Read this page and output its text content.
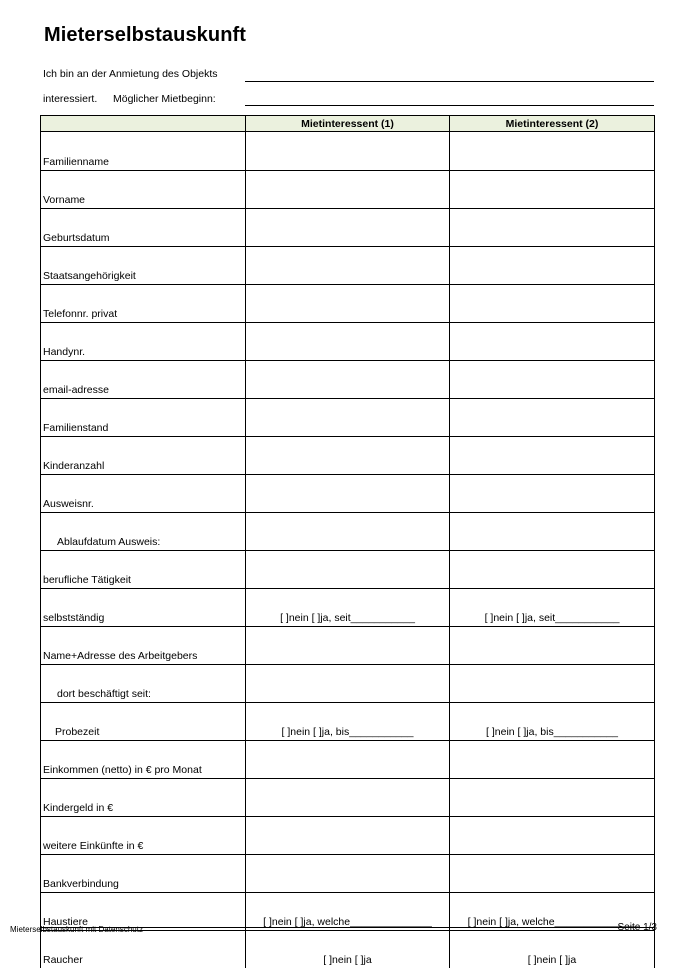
Mieterselbstauskunft
Ich bin an der Anmietung des Objekts
interessiert. Möglicher Mietbeginn:
	Mietinteressent (1)	Mietinteressent (2)
Familienname		
Vorname		
Geburtsdatum		
Staatsangehörigkeit		
Telefonnr. privat		
Handynr.		
email-adresse		
Familienstand		
Kinderanzahl		
Ausweisnr.		
Ablaufdatum Ausweis:		
berufliche Tätigkeit		
selbstständig	[ ]nein [ ]ja, seit___________	[ ]nein [ ]ja, seit___________
Name+Adresse des Arbeitgebers		
dort beschäftigt seit:		
Probezeit	[ ]nein [ ]ja, bis___________	[ ]nein [ ]ja, bis___________
Einkommen (netto) in € pro Monat		
Kindergeld in €		
weitere Einkünfte in €		
Bankverbindung		
Haustiere	[ ]nein [ ]ja, welche______________	[ ]nein [ ]ja, welche______________
Raucher	[ ]nein [ ]ja	[ ]nein [ ]ja
Mieterselbstauskunft mit Datenschutz	Seite 1/3
